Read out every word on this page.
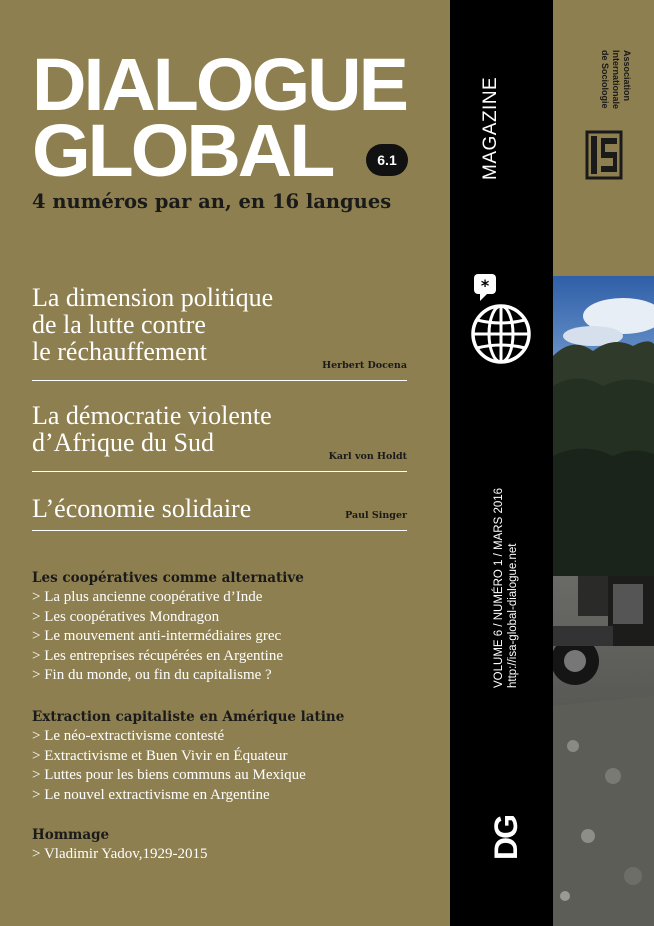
DIALOGUE
GLOBAL	6.1
4 numéros par an, en 16 langues
La dimension politique
de la lutte contre
le réchauffement	Herbert Docena
La démocratie violente
d’Afrique du Sud	Karl von Holdt
L’économie solidaire	Paul Singer
Les coopératives comme alternative
> La plus ancienne coopérative d’Inde
> Les coopératives Mondragon
> Le mouvement anti-intermédiaires grec
> Les entreprises récupérées en Argentine
> Fin du monde, ou fin du capitalisme ?
Extraction capitaliste en Amérique latine
> Le néo-extractivisme contesté
> Extractivisme et Buen Vivir en Équateur
> Luttes pour les biens communs au Mexique
> Le nouvel extractivisme en Argentine
Hommage
> Vladimir Yadov,1929-2015
MAGAZINE
*
VOLUME 6 / NUMÉRO 1 / MARS 2016 http://isa-global-dialogue.net
DG
Association
Internationale
de Sociologie
